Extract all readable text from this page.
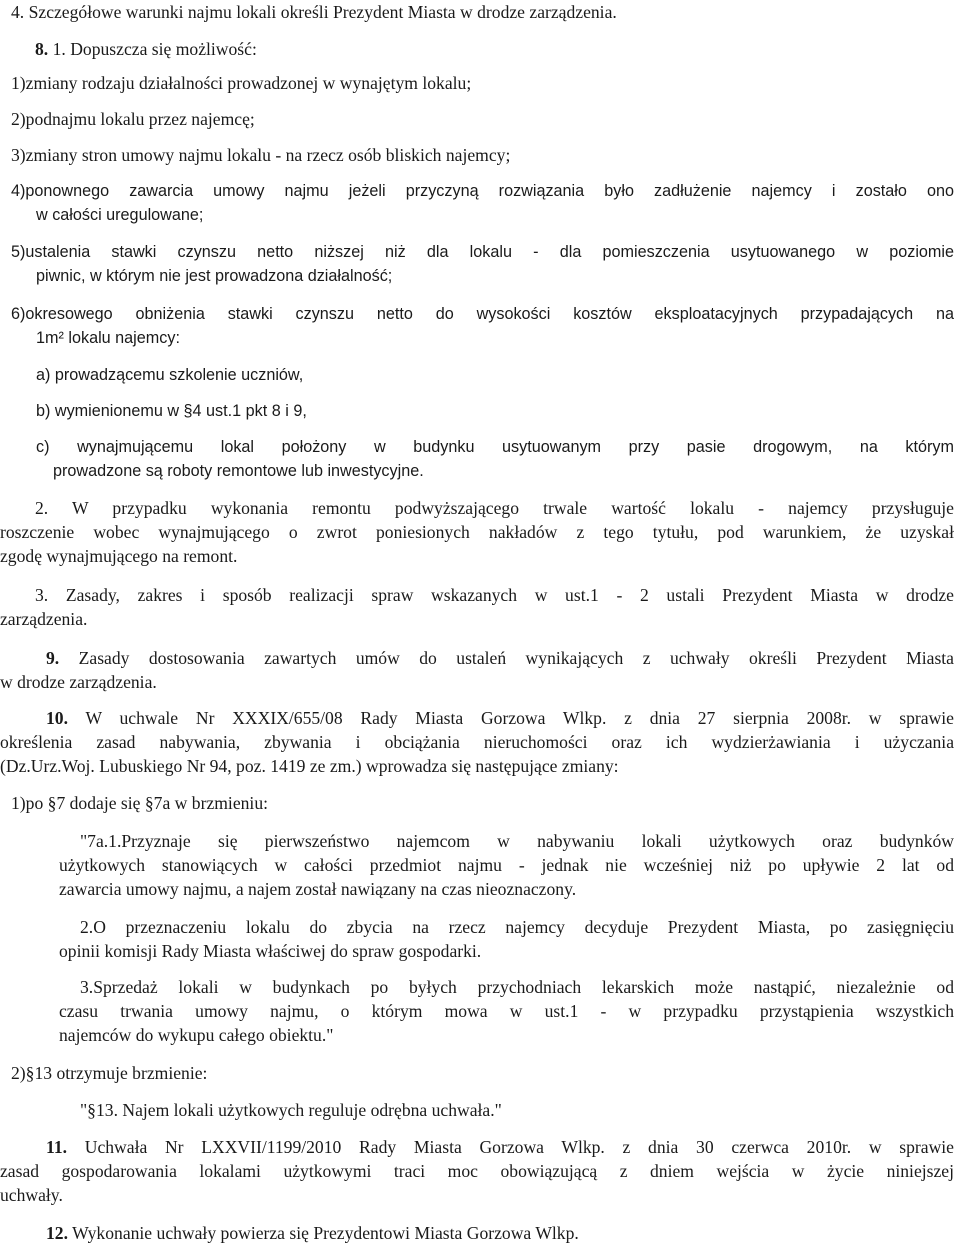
4. Szczegółowe warunki najmu lokali określi Prezydent Miasta w drodze zarządzenia.
8. 1. Dopuszcza się możliwość:
1)zmiany rodzaju działalności prowadzonej w wynajętym lokalu;
2)podnajmu lokalu przez najemcę;
3)zmiany stron umowy najmu lokalu - na rzecz osób bliskich najemcy;
4)ponownego zawarcia umowy najmu jeżeli przyczyną rozwiązania było zadłużenie najemcy i zostało ono
w całości uregulowane;
5)ustalenia stawki czynszu netto niższej niż dla lokalu - dla pomieszczenia usytuowanego w poziomie
piwnic, w którym nie jest prowadzona działalność;
6)okresowego obniżenia stawki czynszu netto do wysokości kosztów eksploatacyjnych przypadających na
1m² lokalu najemcy:
a) prowadzącemu szkolenie uczniów,
b) wymienionemu w §4 ust.1 pkt 8 i 9,
c) wynajmującemu lokal położony w budynku usytuowanym przy pasie drogowym, na którym
prowadzone są roboty remontowe lub inwestycyjne.
2. W przypadku wykonania remontu podwyższającego trwale wartość lokalu - najemcy przysługuje
roszczenie wobec wynajmującego o zwrot poniesionych nakładów z tego tytułu, pod warunkiem, że uzyskał
zgodę wynajmującego na remont.
3. Zasady, zakres i sposób realizacji spraw wskazanych w ust.1 - 2 ustali Prezydent Miasta w drodze
zarządzenia.
9. Zasady dostosowania zawartych umów do ustaleń wynikających z uchwały określi Prezydent Miasta
w drodze zarządzenia.
10. W uchwale Nr XXXIX/655/08 Rady Miasta Gorzowa Wlkp. z dnia 27 sierpnia 2008r. w sprawie
określenia zasad nabywania, zbywania i obciążania nieruchomości oraz ich wydzierżawiania i użyczania
(Dz.Urz.Woj. Lubuskiego Nr 94, poz. 1419 ze zm.) wprowadza się następujące zmiany:
1)po §7 dodaje się §7a w brzmieniu:
"7a.1.Przyznaje się pierwszeństwo najemcom w nabywaniu lokali użytkowych oraz budynków
użytkowych stanowiących w całości przedmiot najmu - jednak nie wcześniej niż po upływie 2 lat od
zawarcia umowy najmu, a najem został nawiązany na czas nieoznaczony.
2.O przeznaczeniu lokalu do zbycia na rzecz najemcy decyduje Prezydent Miasta, po zasięgnięciu
opinii komisji Rady Miasta właściwej do spraw gospodarki.
3.Sprzedaż lokali w budynkach po byłych przychodniach lekarskich może nastąpić, niezależnie od
czasu trwania umowy najmu, o którym mowa w ust.1 - w przypadku przystąpienia wszystkich
najemców do wykupu całego obiektu."
2)§13 otrzymuje brzmienie:
"§13. Najem lokali użytkowych reguluje odrębna uchwała."
11. Uchwała Nr LXXVII/1199/2010 Rady Miasta Gorzowa Wlkp. z dnia 30 czerwca 2010r. w sprawie
zasad gospodarowania lokalami użytkowymi traci moc obowiązującą z dniem wejścia w życie niniejszej
uchwały.
12. Wykonanie uchwały powierza się Prezydentowi Miasta Gorzowa Wlkp.
